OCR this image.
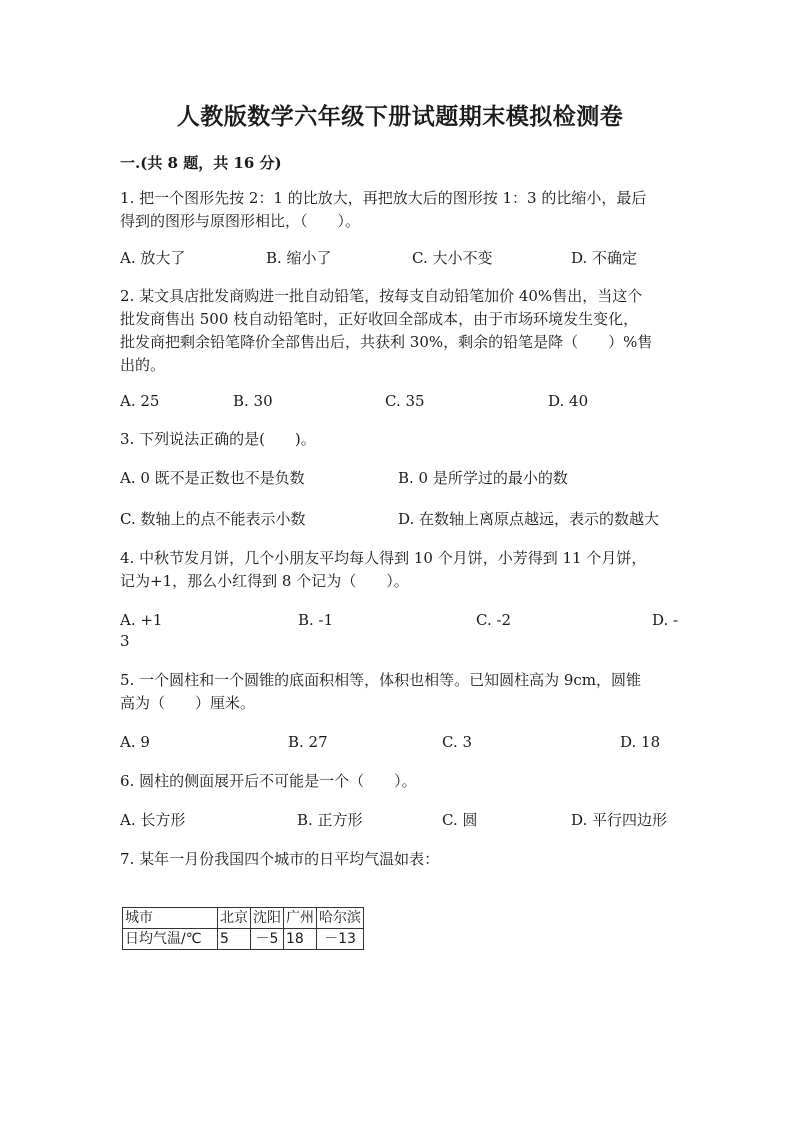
人教版数学六年级下册试题期末模拟检测卷
一.(共 8 题，共 16 分)
1. 把一个图形先按 2：1 的比放大，再把放大后的图形按 1：3 的比缩小，最后
得到的图形与原图形相比，（　　）。
A. 放大了	B. 缩小了	C. 大小不变	D. 不确定
2. 某文具店批发商购进一批自动铅笔，按每支自动铅笔加价 40%售出，当这个
批发商售出 500 枝自动铅笔时，正好收回全部成本，由于市场环境发生变化，
批发商把剩余铅笔降价全部售出后，共获利 30%，剩余的铅笔是降（　　）%售
出的。
A. 25	B. 30	C. 35	D. 40
3. 下列说法正确的是(　　)。
A. 0 既不是正数也不是负数	B. 0 是所学过的最小的数
C. 数轴上的点不能表示小数	D. 在数轴上离原点越远，表示的数越大
4. 中秋节发月饼，几个小朋友平均每人得到 10 个月饼，小芳得到 11 个月饼，
记为+1，那么小红得到 8 个记为（　　）。
A. +1	B. -1	C. -2	D. -
3
5. 一个圆柱和一个圆锥的底面积相等，体积也相等。已知圆柱高为 9cm，圆锥
高为（　　）厘米。
A. 9	B. 27	C. 3	D. 18
6. 圆柱的侧面展开后不可能是一个（　　）。
A. 长方形	B. 正方形	C. 圆	D. 平行四边形
7. 某年一月份我国四个城市的日平均气温如表：
城市	北京	沈阳	广州	哈尔滨
日均气温/℃	5	－5	18	－13
